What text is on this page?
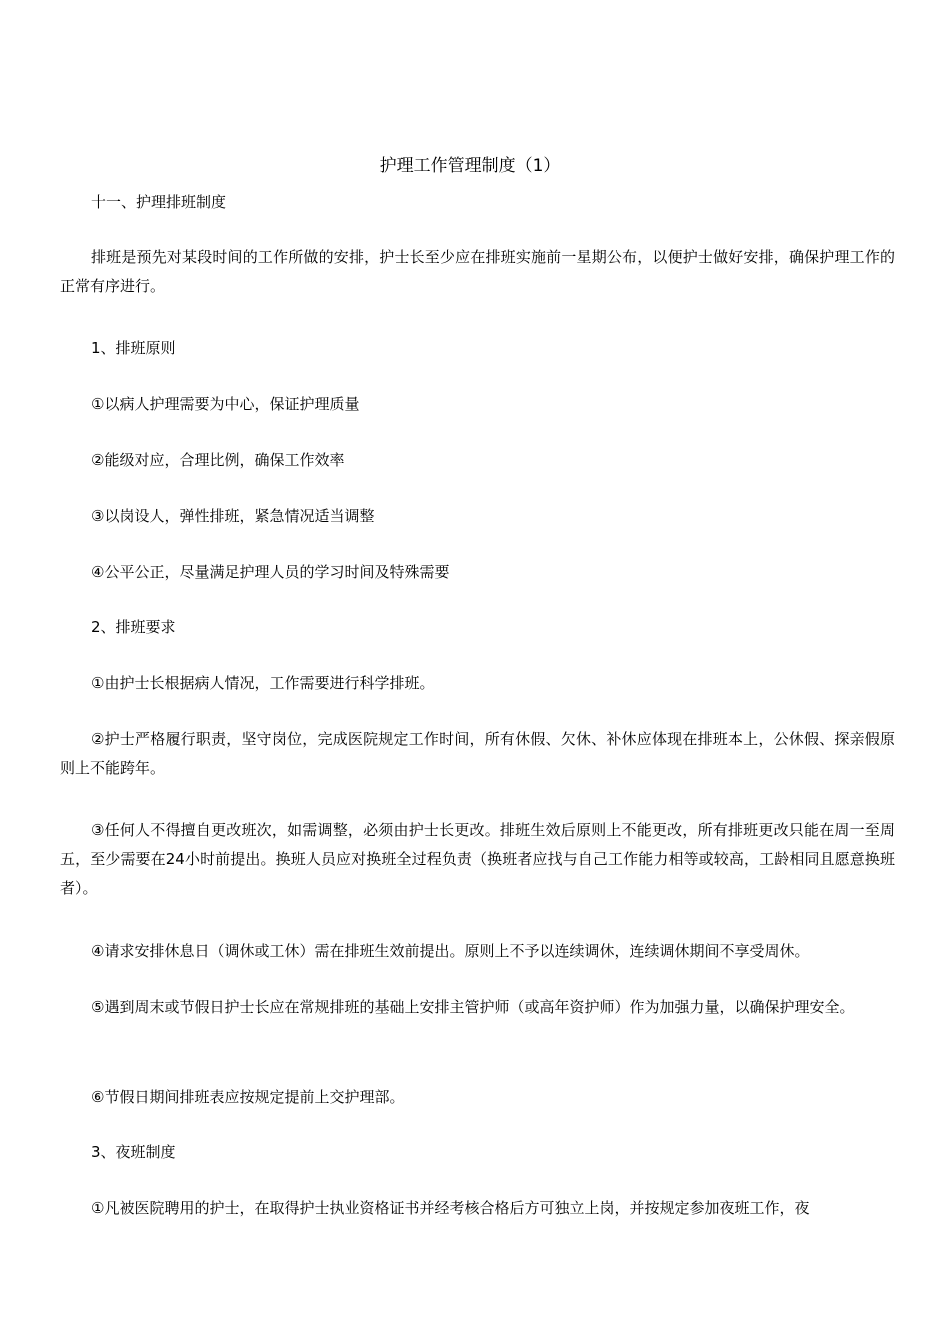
护理工作管理制度（1）

十一、护理排班制度

排班是预先对某段时间的工作所做的安排，护士长至少应在排班实施前一星期公布，以便护士做好安排，确保护理工作的正常有序进行。

1、排班原则

①以病人护理需要为中心，保证护理质量

②能级对应，合理比例，确保工作效率

③以岗设人，弹性排班，紧急情况适当调整

④公平公正，尽量满足护理人员的学习时间及特殊需要

2、排班要求

①由护士长根据病人情况，工作需要进行科学排班。

②护士严格履行职责，坚守岗位，完成医院规定工作时间，所有休假、欠休、补休应体现在排班本上，公休假、探亲假原则上不能跨年。

③任何人不得擅自更改班次，如需调整，必须由护士长更改。排班生效后原则上不能更改，所有排班更改只能在周一至周五，至少需要在24小时前提出。换班人员应对换班全过程负责（换班者应找与自己工作能力相等或较高，工龄相同且愿意换班者）。

④请求安排休息日（调休或工休）需在排班生效前提出。原则上不予以连续调休，连续调休期间不享受周休。

⑤遇到周末或节假日护士长应在常规排班的基础上安排主管护师（或高年资护师）作为加强力量，以确保护理安全。

⑥节假日期间排班表应按规定提前上交护理部。

3、夜班制度

①凡被医院聘用的护士，在取得护士执业资格证书并经考核合格后方可独立上岗，并按规定参加夜班工作，夜
